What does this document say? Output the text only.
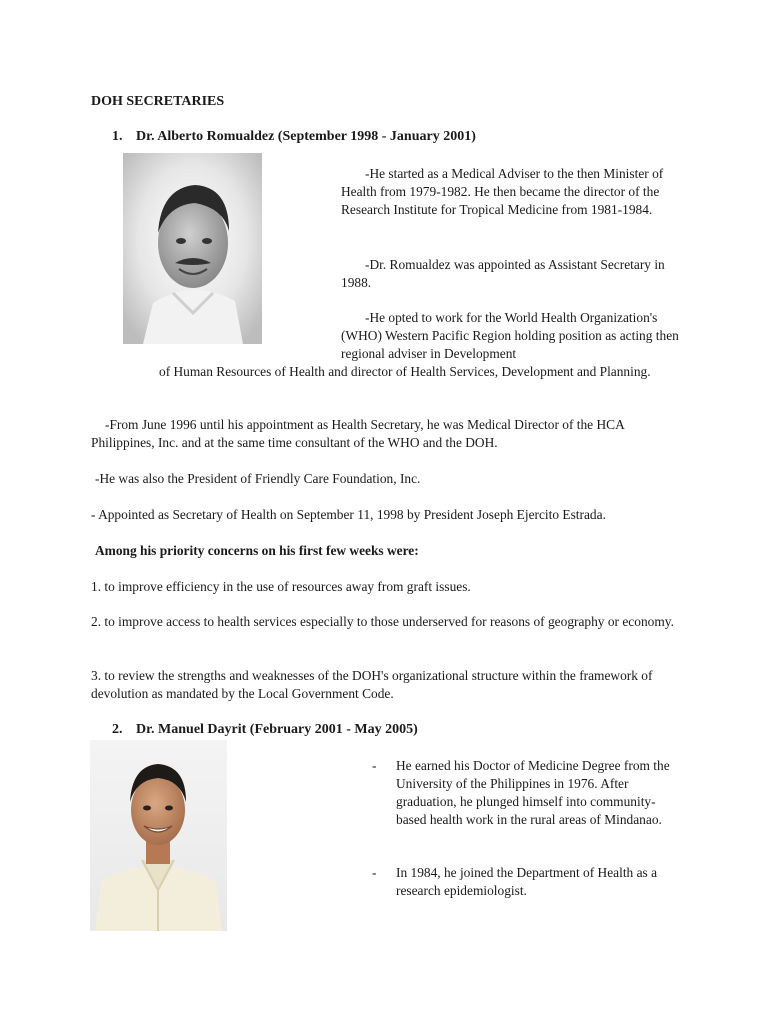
DOH SECRETARIES
1. Dr. Alberto Romualdez (September 1998 - January 2001)

-He started as a Medical Adviser to the then Minister of Health from 1979-1982. He then became the director of the Research Institute for Tropical Medicine from 1981-1984.

-Dr. Romualdez was appointed as Assistant Secretary in 1988.

-He opted to work for the World Health Organization's (WHO) Western Pacific Region holding position as acting then regional adviser in Development

of Human Resources of Health and director of Health Services, Development and Planning.

-From June 1996 until his appointment as Health Secretary, he was Medical Director of the HCA Philippines, Inc. and at the same time consultant of the WHO and the DOH.

-He was also the President of Friendly Care Foundation, Inc.

- Appointed as Secretary of Health on September 11, 1998 by President Joseph Ejercito Estrada.

Among his priority concerns on his first few weeks were:

1. to improve efficiency in the use of resources away from graft issues.

2. to improve access to health services especially to those underserved for reasons of geography or economy.

3. to review the strengths and weaknesses of the DOH's organizational structure within the framework of devolution as mandated by the Local Government Code.

2. Dr. Manuel Dayrit (February 2001 - May 2005)
- He earned his Doctor of Medicine Degree from the University of the Philippines in 1976. After graduation, he plunged himself into community-based health work in the rural areas of Mindanao.
- In 1984, he joined the Department of Health as a research epidemiologist.
